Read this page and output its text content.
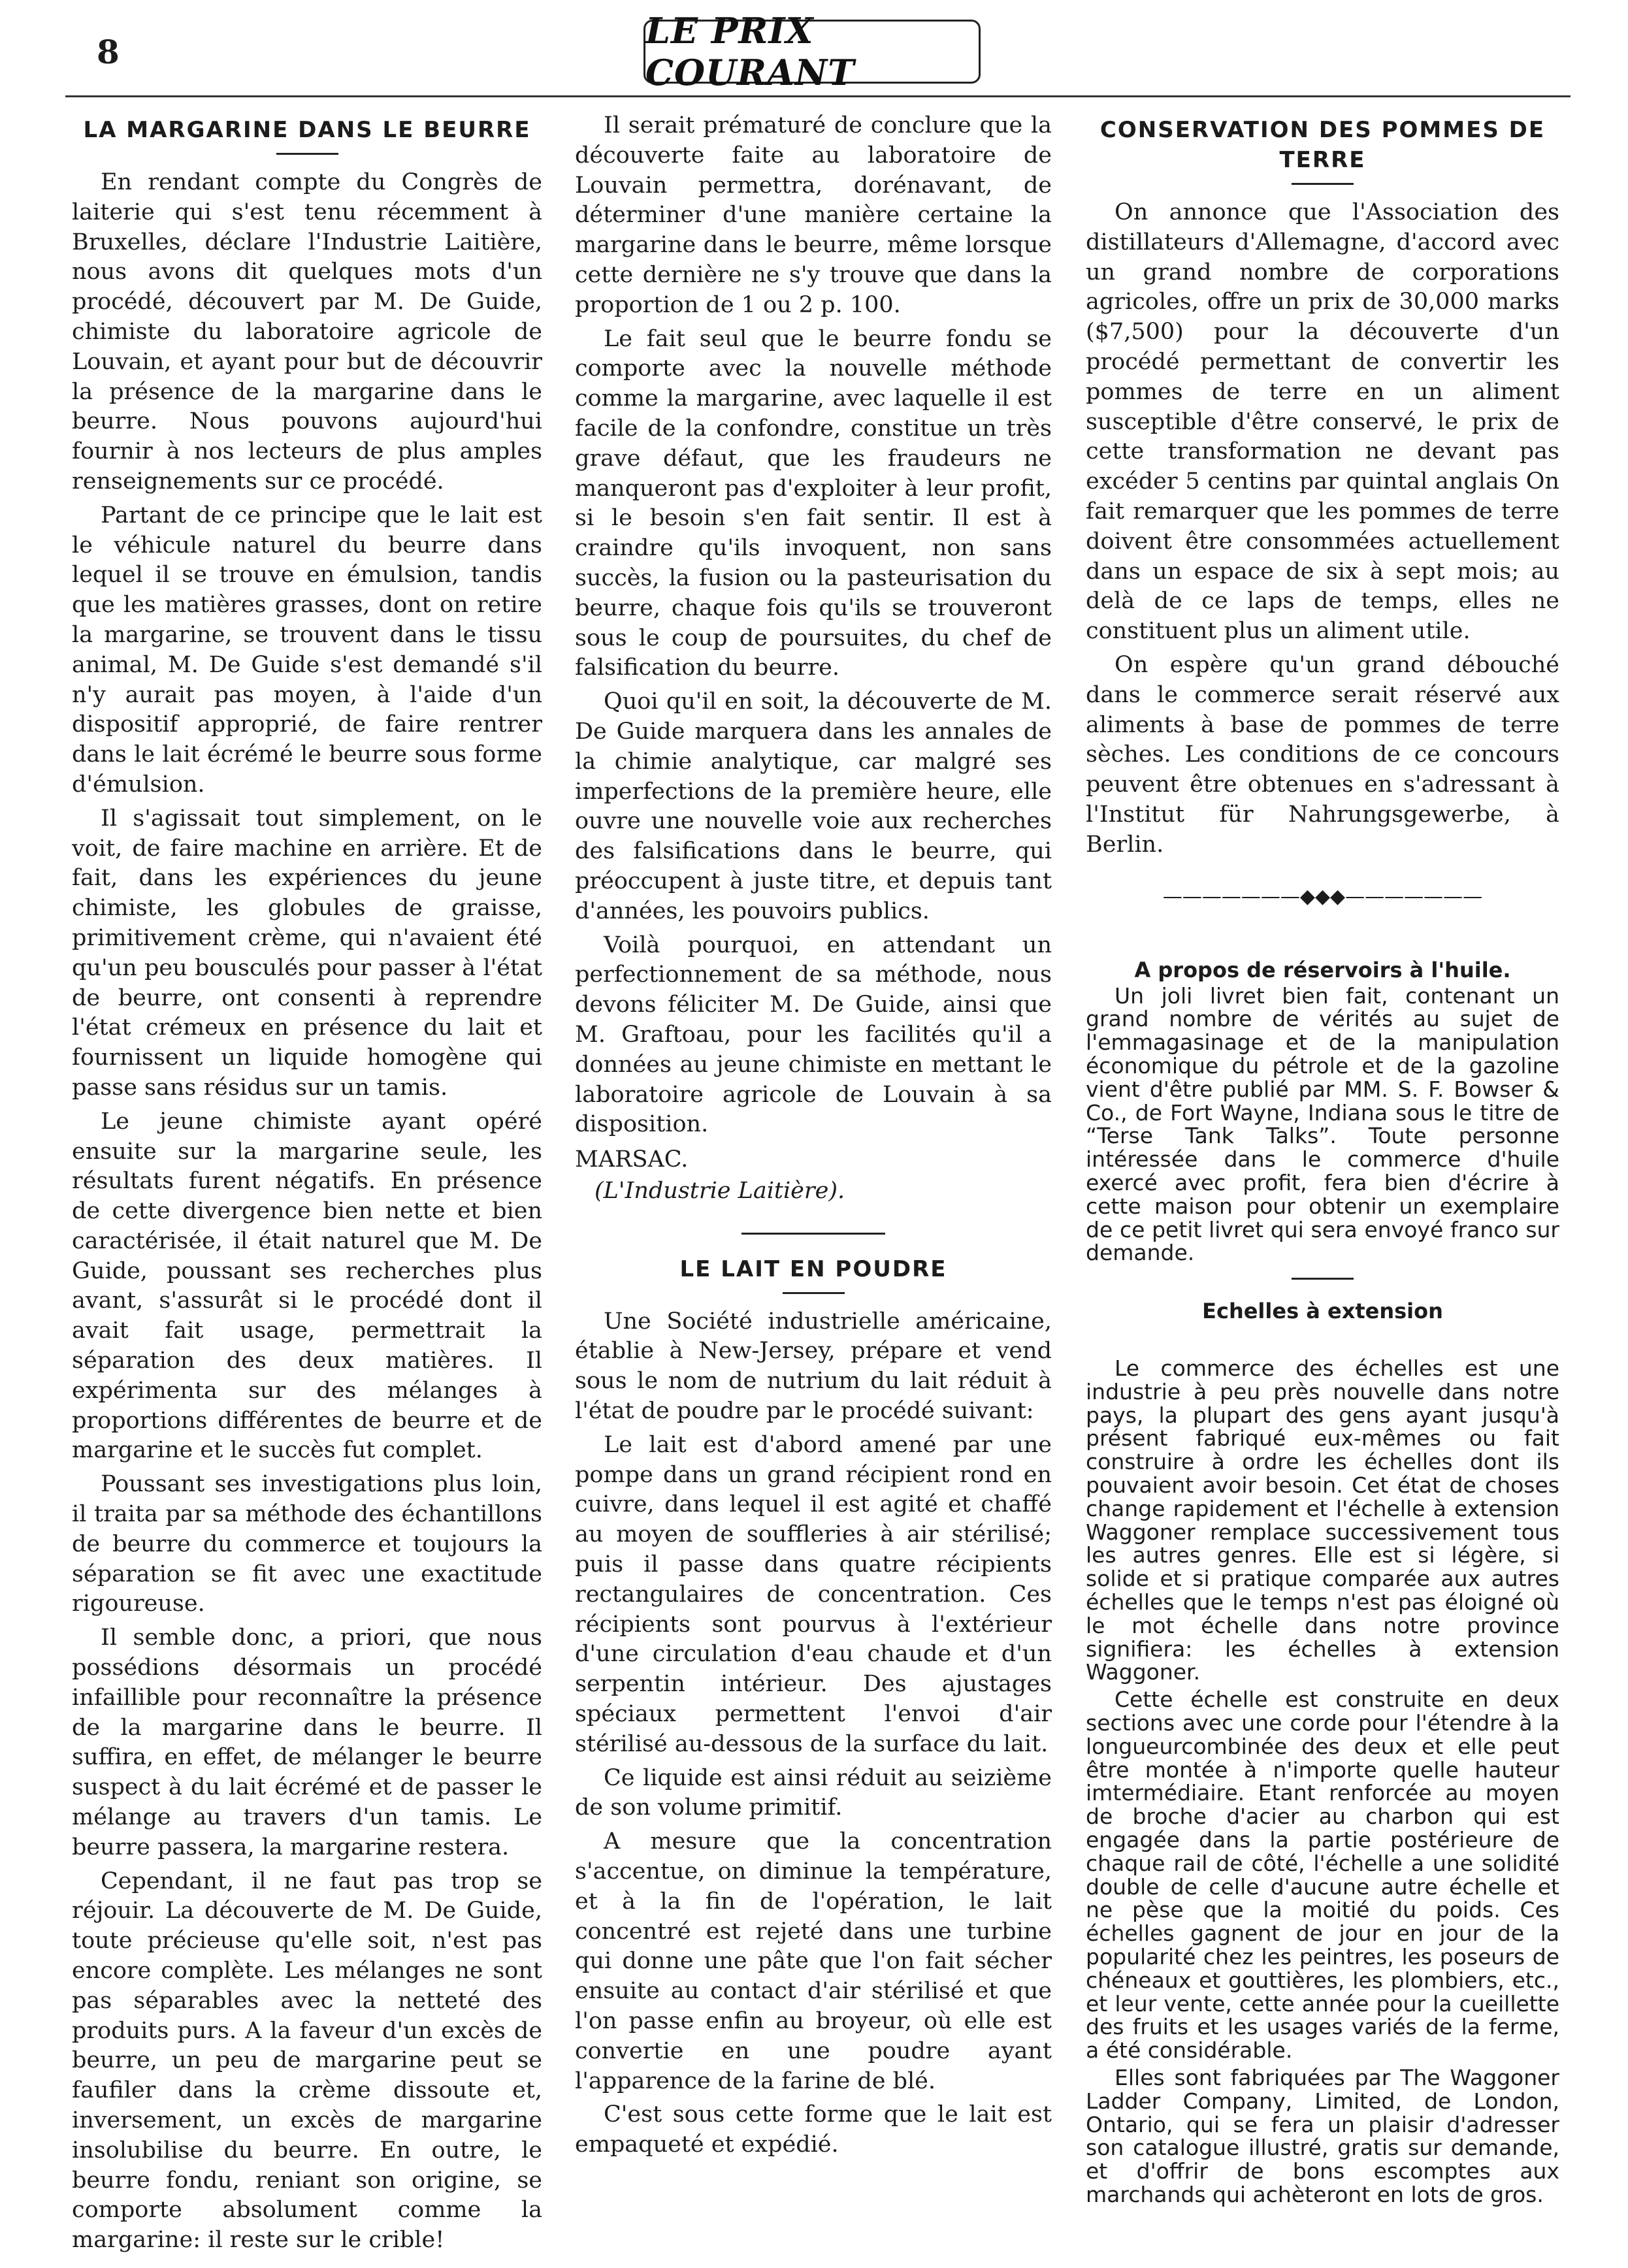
8
LE PRIX COURANT
LA MARGARINE DANS LE BEURRE

En rendant compte du Congrès de laiterie qui s'est tenu récemment à Bruxelles, déclare l'Industrie Laitière, nous avons dit quelques mots d'un procédé, découvert par M. De Guide, chimiste du laboratoire agricole de Louvain, et ayant pour but de découvrir la présence de la margarine dans le beurre. Nous pouvons aujourd'hui fournir à nos lecteurs de plus amples renseignements sur ce procédé.

Partant de ce principe que le lait est le véhicule naturel du beurre dans lequel il se trouve en émulsion, tandis que les matières grasses, dont on retire la margarine, se trouvent dans le tissu animal, M. De Guide s'est demandé s'il n'y aurait pas moyen, à l'aide d'un dispositif approprié, de faire rentrer dans le lait écrémé le beurre sous forme d'émulsion.

Il s'agissait tout simplement, on le voit, de faire machine en arrière. Et de fait, dans les expériences du jeune chimiste, les globules de graisse, primitivement crème, qui n'avaient été qu'un peu bousculés pour passer à l'état de beurre, ont consenti à reprendre l'état crémeux en présence du lait et fournissent un liquide homogène qui passe sans résidus sur un tamis.

Le jeune chimiste ayant opéré ensuite sur la margarine seule, les résultats furent négatifs. En présence de cette divergence bien nette et bien caractérisée, il était naturel que M. De Guide, poussant ses recherches plus avant, s'assurât si le procédé dont il avait fait usage, permettrait la séparation des deux matières. Il expérimenta sur des mélanges à proportions différentes de beurre et de margarine et le succès fut complet.

Poussant ses investigations plus loin, il traita par sa méthode des échantillons de beurre du commerce et toujours la séparation se fit avec une exactitude rigoureuse.

Il semble donc, a priori, que nous possédions désormais un procédé infaillible pour reconnaître la présence de la margarine dans le beurre. Il suffira, en effet, de mélanger le beurre suspect à du lait écrémé et de passer le mélange au travers d'un tamis. Le beurre passera, la margarine restera.

Cependant, il ne faut pas trop se réjouir. La découverte de M. De Guide, toute précieuse qu'elle soit, n'est pas encore complète. Les mélanges ne sont pas séparables avec la netteté des produits purs. A la faveur d'un excès de beurre, un peu de margarine peut se faufiler dans la crème dissoute et, inversement, un excès de margarine insolubilise du beurre. En outre, le beurre fondu, reniant son origine, se comporte absolument comme la margarine: il reste sur le crible!

Il serait prématuré de conclure que la découverte faite au laboratoire de Louvain permettra, dorénavant, de déterminer d'une manière certaine la margarine dans le beurre, même lorsque cette dernière ne s'y trouve que dans la proportion de 1 ou 2 p. 100.

Le fait seul que le beurre fondu se comporte avec la nouvelle méthode comme la margarine, avec laquelle il est facile de la confondre, constitue un très grave défaut, que les fraudeurs ne manqueront pas d'exploiter à leur profit, si le besoin s'en fait sentir. Il est à craindre qu'ils invoquent, non sans succès, la fusion ou la pasteurisation du beurre, chaque fois qu'ils se trouveront sous le coup de poursuites, du chef de falsification du beurre.

Quoi qu'il en soit, la découverte de M. De Guide marquera dans les annales de la chimie analytique, car malgré ses imperfections de la première heure, elle ouvre une nouvelle voie aux recherches des falsifications dans le beurre, qui préoccupent à juste titre, et depuis tant d'années, les pouvoirs publics.

Voilà pourquoi, en attendant un perfectionnement de sa méthode, nous devons féliciter M. De Guide, ainsi que M. Graftoau, pour les facilités qu'il a données au jeune chimiste en mettant le laboratoire agricole de Louvain à sa disposition.

MARSAC.

(L'Industrie Laitière).

LE LAIT EN POUDRE

Une Société industrielle américaine, établie à New-Jersey, prépare et vend sous le nom de nutrium du lait réduit à l'état de poudre par le procédé suivant:

Le lait est d'abord amené par une pompe dans un grand récipient rond en cuivre, dans lequel il est agité et chaffé au moyen de souffleries à air stérilisé; puis il passe dans quatre récipients rectangulaires de concentration. Ces récipients sont pourvus à l'extérieur d'une circulation d'eau chaude et d'un serpentin intérieur. Des ajustages spéciaux permettent l'envoi d'air stérilisé au-dessous de la surface du lait.

Ce liquide est ainsi réduit au seizième de son volume primitif.

A mesure que la concentration s'accentue, on diminue la température, et à la fin de l'opération, le lait concentré est rejeté dans une turbine qui donne une pâte que l'on fait sécher ensuite au contact d'air stérilisé et que l'on passe enfin au broyeur, où elle est convertie en une poudre ayant l'apparence de la farine de blé.

C'est sous cette forme que le lait est empaqueté et expédié.

CONSERVATION DES POMMES DE TERRE

On annonce que l'Association des distillateurs d'Allemagne, d'accord avec un grand nombre de corporations agricoles, offre un prix de 30,000 marks ($7,500) pour la découverte d'un procédé permettant de convertir les pommes de terre en un aliment susceptible d'être conservé, le prix de cette transformation ne devant pas excéder 5 centins par quintal anglais On fait remarquer que les pommes de terre doivent être consommées actuellement dans un espace de six à sept mois; au delà de ce laps de temps, elles ne constituent plus un aliment utile.

On espère qu'un grand débouché dans le commerce serait réservé aux aliments à base de pommes de terre sèches. Les conditions de ce concours peuvent être obtenues en s'adressant à l'Institut für Nahrungsgewerbe, à Berlin.

———————◆◆◆———————
A propos de réservoirs à l'huile.

Un joli livret bien fait, contenant un grand nombre de vérités au sujet de l'emmagasinage et de la manipulation économique du pétrole et de la gazoline vient d'être publié par MM. S. F. Bowser & Co., de Fort Wayne, Indiana sous le titre de “Terse Tank Talks”. Toute personne intéressée dans le commerce d'huile exercé avec profit, fera bien d'écrire à cette maison pour obtenir un exemplaire de ce petit livret qui sera envoyé franco sur demande.

Echelles à extension

Le commerce des échelles est une industrie à peu près nouvelle dans notre pays, la plupart des gens ayant jusqu'à présent fabriqué eux-mêmes ou fait construire à ordre les échelles dont ils pouvaient avoir besoin. Cet état de choses change rapidement et l'échelle à extension Waggoner remplace successivement tous les autres genres. Elle est si légère, si solide et si pratique comparée aux autres échelles que le temps n'est pas éloigné où le mot échelle dans notre province signifiera: les échelles à extension Waggoner.

Cette échelle est construite en deux sections avec une corde pour l'étendre à la longueurcombinée des deux et elle peut être montée à n'importe quelle hauteur imtermédiaire. Etant renforcée au moyen de broche d'acier au charbon qui est engagée dans la partie postérieure de chaque rail de côté, l'échelle a une solidité double de celle d'aucune autre échelle et ne pèse que la moitié du poids. Ces échelles gagnent de jour en jour de la popularité chez les peintres, les poseurs de chéneaux et gouttières, les plombiers, etc., et leur vente, cette année pour la cueillette des fruits et les usages variés de la ferme, a été considérable.

Elles sont fabriquées par The Waggoner Ladder Company, Limited, de London, Ontario, qui se fera un plaisir d'adresser son catalogue illustré, gratis sur demande, et d'offrir de bons escomptes aux marchands qui achèteront en lots de gros.
